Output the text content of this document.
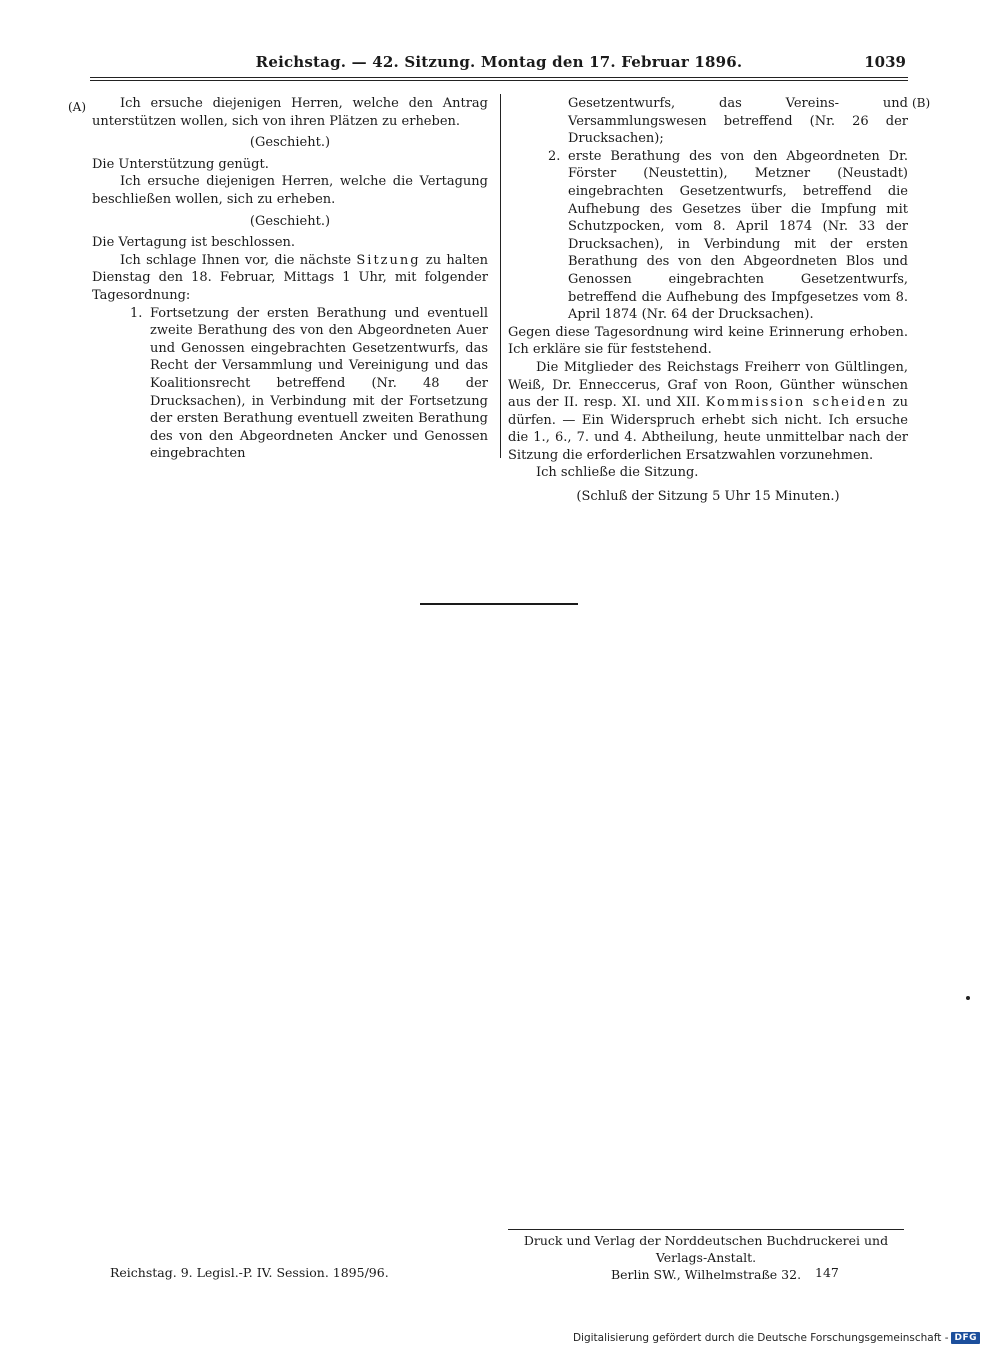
Reichstag. — 42. Sitzung. Montag den 17. Februar 1896.	1039
(A)	(B)

Ich ersuche diejenigen Herren, welche den Antrag unterstützen wollen, sich von ihren Plätzen zu erheben.

(Geschieht.)

Die Unterstützung genügt.

Ich ersuche diejenigen Herren, welche die Vertagung beschließen wollen, sich zu erheben.

(Geschieht.)

Die Vertagung ist beschlossen.

Ich schlage Ihnen vor, die nächste Sitzung zu halten Dienstag den 18. Februar, Mittags 1 Uhr, mit folgender Tagesordnung:

1. Fortsetzung der ersten Berathung und eventuell zweite Berathung des von den Abgeordneten Auer und Genossen eingebrachten Gesetzentwurfs, das Recht der Versammlung und Vereinigung und das Koalitionsrecht betreffend (Nr. 48 der Drucksachen), in Verbindung mit der Fortsetzung der ersten Berathung eventuell zweiten Berathung des von den Abgeordneten Ancker und Genossen eingebrachten

Gesetzentwurfs, das Vereins- und Versammlungswesen betreffend (Nr. 26 der Drucksachen);

2. erste Berathung des von den Abgeordneten Dr. Förster (Neustettin), Metzner (Neustadt) eingebrachten Gesetzentwurfs, betreffend die Aufhebung des Gesetzes über die Impfung mit Schutzpocken, vom 8. April 1874 (Nr. 33 der Drucksachen), in Verbindung mit der ersten Berathung des von den Abgeordneten Blos und Genossen eingebrachten Gesetzentwurfs, betreffend die Aufhebung des Impfgesetzes vom 8. April 1874 (Nr. 64 der Drucksachen).

Gegen diese Tagesordnung wird keine Erinnerung erhoben. Ich erkläre sie für feststehend.

Die Mitglieder des Reichstags Freiherr von Gültlingen, Weiß, Dr. Enneccerus, Graf von Roon, Günther wünschen aus der II. resp. XI. und XII. Kommission scheiden zu dürfen. — Ein Widerspruch erhebt sich nicht. Ich ersuche die 1., 6., 7. und 4. Abtheilung, heute unmittelbar nach der Sitzung die erforderlichen Ersatzwahlen vorzunehmen.

Ich schließe die Sitzung.

(Schluß der Sitzung 5 Uhr 15 Minuten.)

Druck und Verlag der Norddeutschen Buchdruckerei und Verlags-Anstalt.
Berlin SW., Wilhelmstraße 32.
Reichstag. 9. Legisl.-P. IV. Session. 1895/96.	147
Digitalisierung gefördert durch die Deutsche Forschungsgemeinschaft - DFG
